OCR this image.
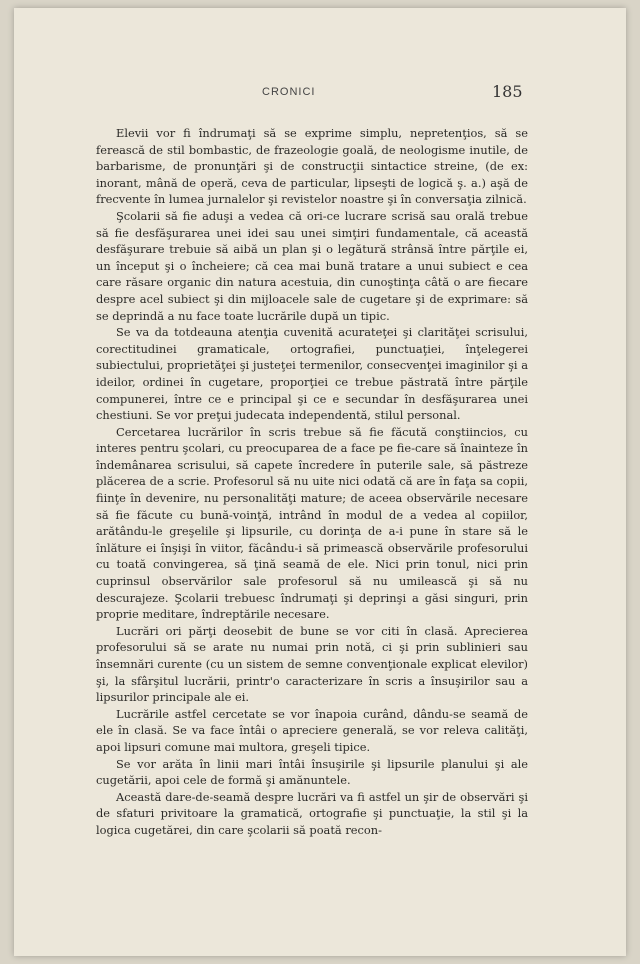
CRONICI	185

Elevii vor fi îndrumaţi să se exprime simplu, nepretenţios, să se ferească de stil bombastic, de frazeologie goală, de neologisme inutile, de barbarisme, de pronunţări şi de construcţii sintactice streine, (de ex: inorant, mână de operă, ceva de particular, lipseşti de logică ş. a.) aşă de frecvente în lumea jurnalelor şi revistelor noastre şi în conversaţia zilnică.

Şcolarii să fie aduşi a vedea că ori-ce lucrare scrisă sau orală trebue să fie desfăşurarea unei idei sau unei simţiri fundamentale, că această desfăşurare trebuie să aibă un plan şi o legătură strânsă între părţile ei, un început şi o încheiere; că cea mai bună tratare a unui subiect e cea care răsare organic din natura acestuia, din cunoştinţa câtă o are fiecare despre acel subiect şi din mijloacele sale de cugetare şi de exprimare: să se deprindă a nu face toate lucrările după un tipic.

Se va da totdeauna atenţia cuvenită acurateţei şi clarităţei scrisului, corectitudinei gramaticale, ortografiei, punctuaţiei, înţelegerei subiectului, proprietăţei şi justeţei termenilor, consecvenţei imaginilor şi a ideilor, ordinei în cugetare, proporţiei ce trebue păstrată între părţile compunerei, între ce e principal şi ce e secundar în desfăşurarea unei chestiuni. Se vor preţui judecata independentă, stilul personal.

Cercetarea lucrărilor în scris trebue să fie făcută conştiincios, cu interes pentru şcolari, cu preocuparea de a face pe fie-care să înainteze în îndemânarea scrisului, să capete încredere în puterile sale, să păstreze plăcerea de a scrie. Profesorul să nu uite nici odată că are în faţa sa copii, fiinţe în devenire, nu personalităţi mature; de aceea observările necesare să fie făcute cu bună-voinţă, intrând în modul de a vedea al copiilor, arătându-le greşelile şi lipsurile, cu dorinţa de a-i pune în stare să le înlăture ei înşişi în viitor, făcându-i să primească observările profesorului cu toată convingerea, să ţină seamă de ele. Nici prin tonul, nici prin cuprinsul observărilor sale profesorul să nu umilească şi să nu descurajeze. Şcolarii trebuesc îndrumaţi şi deprinşi a găsi singuri, prin proprie meditare, îndreptările necesare.

Lucrări ori părţi deosebit de bune se vor citi în clasă. Aprecierea profesorului să se arate nu numai prin notă, ci şi prin sublinieri sau însemnări curente (cu un sistem de semne convenţionale explicat elevilor) şi, la sfârşitul lucrării, printr'o caracterizare în scris a însuşirilor sau a lipsurilor principale ale ei.

Lucrările astfel cercetate se vor înapoia curând, dându-se seamă de ele în clasă. Se va face întâi o apreciere generală, se vor releva calităţi, apoi lipsuri comune mai multora, greşeli tipice.

Se vor arăta în linii mari întâi însuşirile şi lipsurile planului şi ale cugetării, apoi cele de formă şi amănuntele.

Această dare-de-seamă despre lucrări va fi astfel un şir de observări şi de sfaturi privitoare la gramatică, ortografie şi punctuaţie, la stil şi la logica cugetărei, din care şcolarii să poată recon-
